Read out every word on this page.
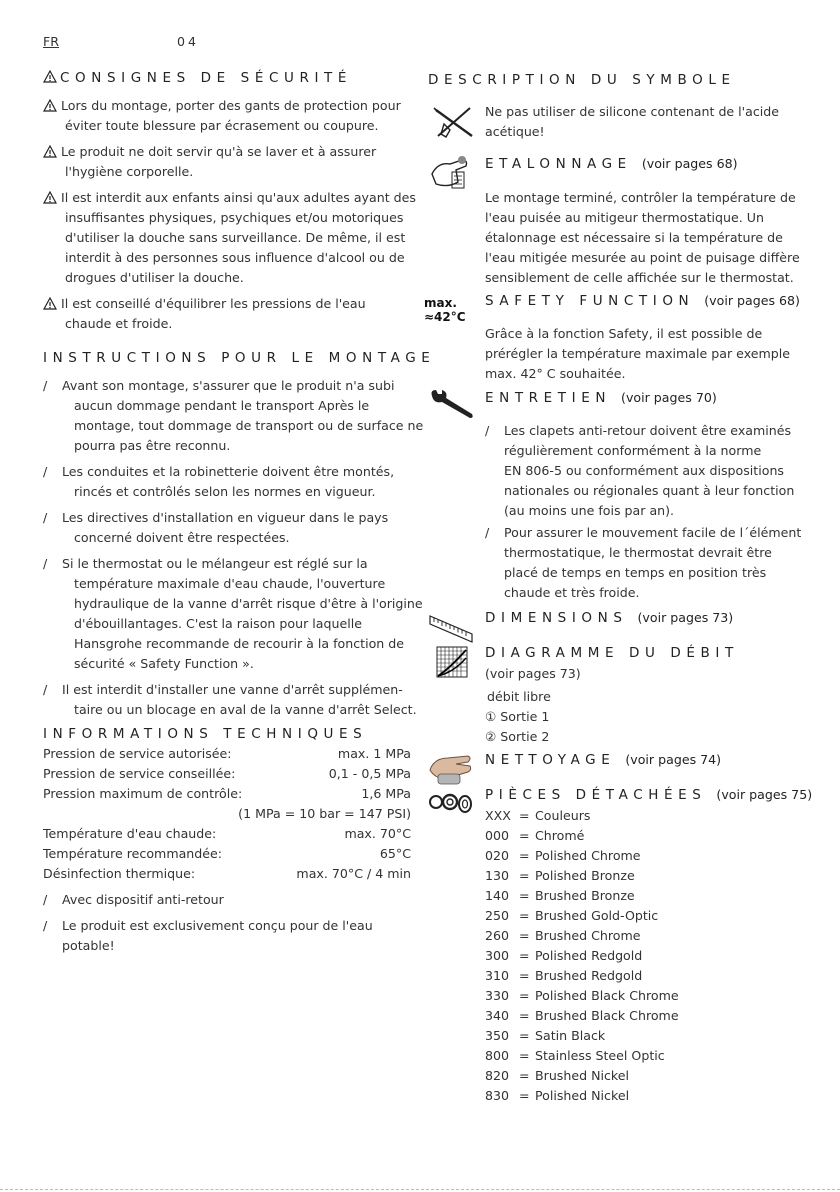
FR	04
CONSIGNES DE SÉCURITÉ
Lors du montage, porter des gants de protection pour
éviter toute blessure par écrasement ou coupure.
Le produit ne doit servir qu'à se laver et à assurer
l'hygiène corporelle.
Il est interdit aux enfants ainsi qu'aux adultes ayant des
insuffisantes physiques, psychiques et/ou motoriques
d'utiliser la douche sans surveillance. De même, il est
interdit à des personnes sous influence d'alcool ou de
drogues d'utiliser la douche.
Il est conseillé d'équilibrer les pressions de l'eau
chaude et froide.
INSTRUCTIONS POUR LE MONTAGE
/ Avant son montage, s'assurer que le produit n'a subi
aucun dommage pendant le transport Après le
montage, tout dommage de transport ou de surface ne
pourra pas être reconnu.
/ Les conduites et la robinetterie doivent être montés,
rincés et contrôlés selon les normes en vigueur.
/ Les directives d'installation en vigueur dans le pays
concerné doivent être respectées.
/ Si le thermostat ou le mélangeur est réglé sur la
température maximale d'eau chaude, l'ouverture
hydraulique de la vanne d'arrêt risque d'être à l'origine
d'ébouillantages. C'est la raison pour laquelle
Hansgrohe recommande de recourir à la fonction de
sécurité « Safety Function ».
/ Il est interdit d'installer une vanne d'arrêt supplémen-
taire ou un blocage en aval de la vanne d'arrêt Select.
INFORMATIONS TECHNIQUES
Pression de service autorisée:	max. 1 MPa
Pression de service conseillée:	0,1 - 0,5 MPa
Pression maximum de contrôle:	1,6 MPa
(1 MPa = 10 bar = 147 PSI)
Température d'eau chaude:	max. 70°C
Température recommandée:	65°C
Désinfection thermique:	max. 70°C / 4 min
/ Avec dispositif anti-retour
/ Le produit est exclusivement conçu pour de l'eau
potable!
DESCRIPTION DU SYMBOLE
Ne pas utiliser de silicone contenant de l'acide
acétique!
ETALONNAGE (voir pages 68)
Le montage terminé, contrôler la température de
l'eau puisée au mitigeur thermostatique. Un
étalonnage est nécessaire si la température de
l'eau mitigée mesurée au point de puisage diffère
sensiblement de celle affichée sur le thermostat.
max.
≈42°C
SAFETY FUNCTION (voir pages 68)
Grâce à la fonction Safety, il est possible de
prérégler la température maximale par exemple
max. 42° C souhaitée.
ENTRETIEN (voir pages 70)
/ Les clapets anti-retour doivent être examinés
régulièrement conformément à la norme
EN 806-5 ou conformément aux dispositions
nationales ou régionales quant à leur fonction
(au moins une fois par an).
/ Pour assurer le mouvement facile de l´élément
thermostatique, le thermostat devrait être
placé de temps en temps en position très
chaude et très froide.
DIMENSIONS (voir pages 73)
DIAGRAMME DU DÉBIT
(voir pages 73)
débit libre
① Sortie 1
② Sortie 2
NETTOYAGE (voir pages 74)
PIÈCES DÉTACHÉES (voir pages 75)
XXX = Couleurs
000 = Chromé
020 = Polished Chrome
130 = Polished Bronze
140 = Brushed Bronze
250 = Brushed Gold-Optic
260 = Brushed Chrome
300 = Polished Redgold
310 = Brushed Redgold
330 = Polished Black Chrome
340 = Brushed Black Chrome
350 = Satin Black
800 = Stainless Steel Optic
820 = Brushed Nickel
830 = Polished Nickel
